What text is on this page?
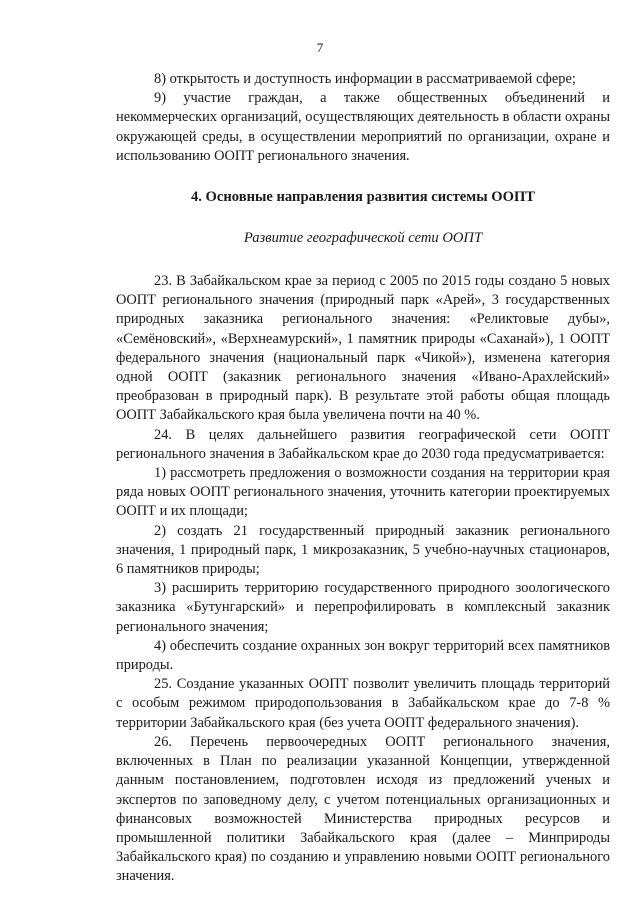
7

8) открытость и доступность информации в рассматриваемой сфере;

9) участие граждан, а также общественных объединений и некоммерческих организаций, осуществляющих деятельность в области охраны окружающей среды, в осуществлении мероприятий по организации, охране и использованию ООПТ регионального значения.

4. Основные направления развития системы ООПТ
Развитие географической сети ООПТ

23. В Забайкальском крае за период с 2005 по 2015 годы создано 5 новых ООПТ регионального значения (природный парк «Арей», 3 государственных природных заказника регионального значения: «Реликтовые дубы», «Семёновский», «Верхнеамурский», 1 памятник природы «Саханай»), 1 ООПТ федерального значения (национальный парк «Чикой»), изменена категория одной ООПТ (заказник регионального значения «Ивано-Арахлейский» преобразован в природный парк). В результате этой работы общая площадь ООПТ Забайкальского края была увеличена почти на 40 %.

24. В целях дальнейшего развития географической сети ООПТ регионального значения в Забайкальском крае до 2030 года предусматривается:

1) рассмотреть предложения о возможности создания на территории края ряда новых ООПТ регионального значения, уточнить категории проектируемых ООПТ и их площади;

2) создать 21 государственный природный заказник регионального значения, 1 природный парк, 1 микрозаказник, 5 учебно-научных стационаров, 6 памятников природы;

3) расширить территорию государственного природного зоологического заказника «Бутунгарский» и перепрофилировать в комплексный заказник регионального значения;

4) обеспечить создание охранных зон вокруг территорий всех памятников природы.

25. Создание указанных ООПТ позволит увеличить площадь территорий с особым режимом природопользования в Забайкальском крае до 7-8 % территории Забайкальского края (без учета ООПТ федерального значения).

26. Перечень первоочередных ООПТ регионального значения, включенных в План по реализации указанной Концепции, утвержденной данным постановлением, подготовлен исходя из предложений ученых и экспертов по заповедному делу, с учетом потенциальных организационных и финансовых возможностей Министерства природных ресурсов и промышленной политики Забайкальского края (далее – Минприроды Забайкальского края) по созданию и управлению новыми ООПТ регионального значения.
